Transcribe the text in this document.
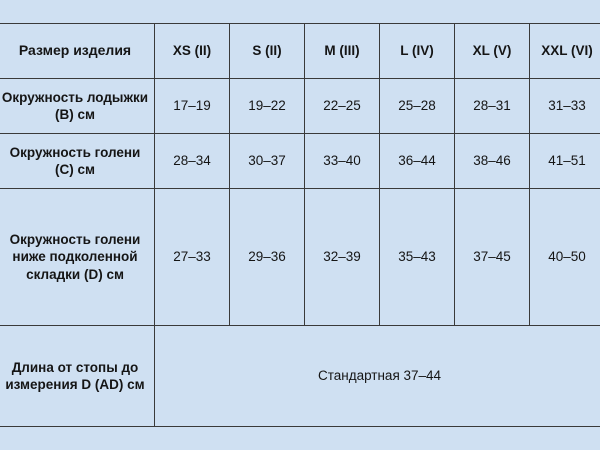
Размер изделия	XS (II)	S (II)	M (III)	L (IV)	XL (V)	XXL (VI)
Окружность лодыжки (B) см	17–19	19–22	22–25	25–28	28–31	31–33
Окружность голени (C) см	28–34	30–37	33–40	36–44	38–46	41–51
Окружность голени ниже подколенной складки (D) см	27–33	29–36	32–39	35–43	37–45	40–50
Длина от стопы до измерения D (AD) см	Стандартная 37–44					
